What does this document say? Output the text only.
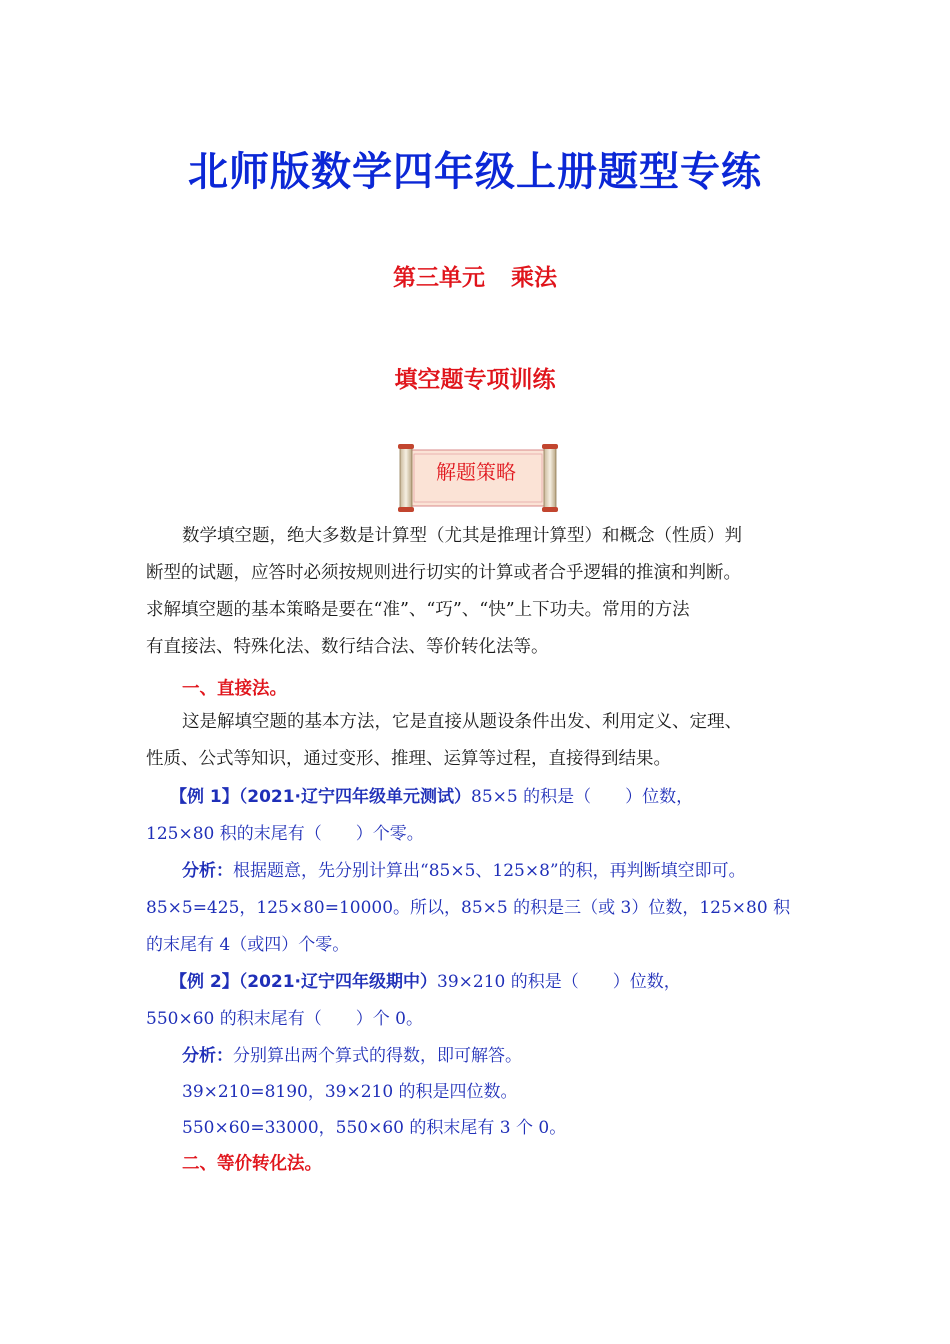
北师版数学四年级上册题型专练
第三单元 乘法
填空题专项训练
解题策略

数学填空题，绝大多数是计算型（尤其是推理计算型）和概念（性质）判

断型的试题，应答时必须按规则进行切实的计算或者合乎逻辑的推演和判断。

求解填空题的基本策略是要在“准”、“巧”、“快”上下功夫。常用的方法

有直接法、特殊化法、数行结合法、等价转化法等。

一、直接法。

这是解填空题的基本方法，它是直接从题设条件出发、利用定义、定理、

性质、公式等知识，通过变形、推理、运算等过程，直接得到结果。

【例 1】（2021·辽宁四年级单元测试）85×5 的积是（　　）位数，
125×80 积的末尾有（　　）个零。
分析：根据题意，先分别计算出“85×5、125×8”的积，再判断填空即可。
85×5=425，125×80=10000。所以，85×5 的积是三（或 3）位数，125×80 积
的末尾有 4（或四）个零。
【例 2】（2021·辽宁四年级期中）39×210 的积是（　　）位数，
550×60 的积末尾有（　　）个 0。
分析：分别算出两个算式的得数，即可解答。
39×210=8190，39×210 的积是四位数。
550×60=33000，550×60 的积末尾有 3 个 0。
二、等价转化法。
